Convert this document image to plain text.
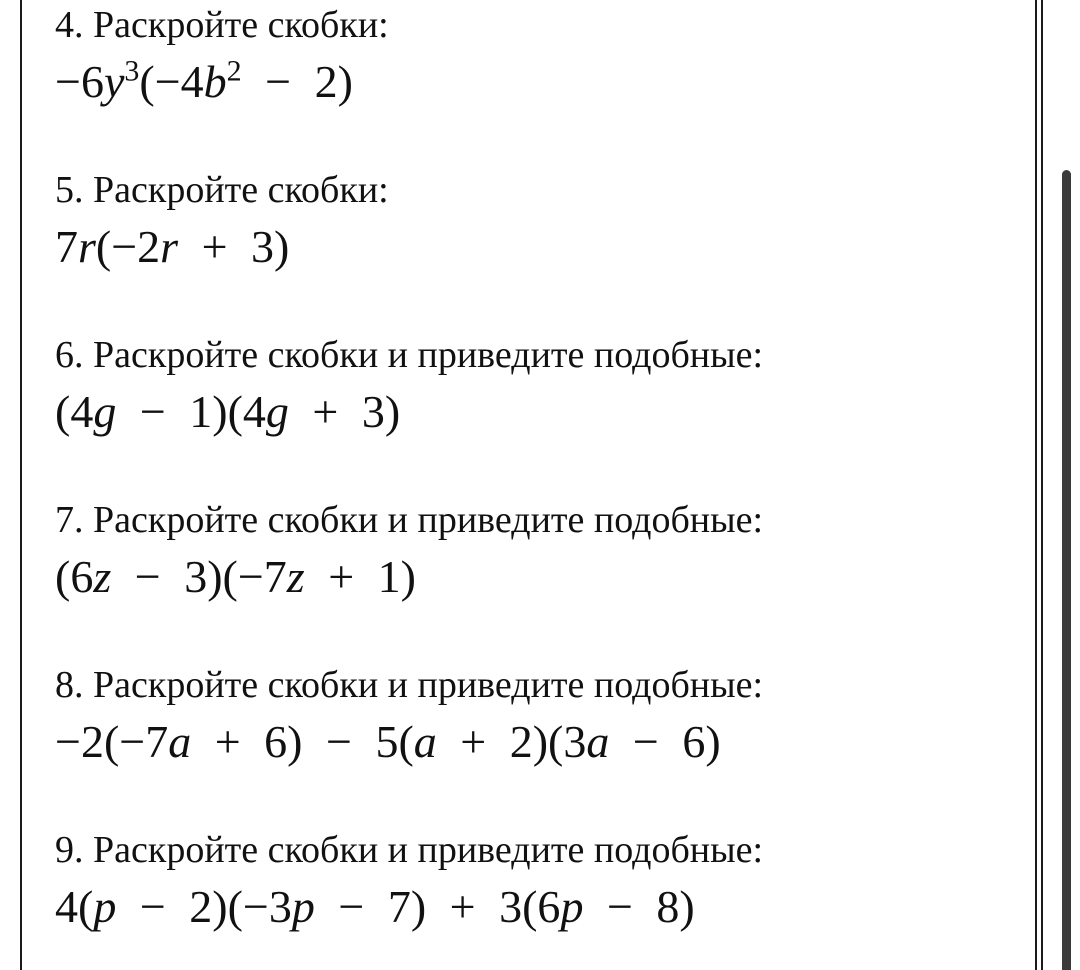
4. Раскройте скобки:
$-6y^3(-4b^2 - 2)$
5. Раскройте скобки:
7r(−2r + 3)
6. Раскройте скобки и приведите подобные:
(4g − 1)(4g + 3)
7. Раскройте скобки и приведите подобные:
(6z − 3)(−7z + 1)
8. Раскройте скобки и приведите подобные:
−2(−7a + 6) − 5(a + 2)(3a − 6)
9. Раскройте скобки и приведите подобные:
4(p − 2)(−3p − 7) + 3(6p − 8)
